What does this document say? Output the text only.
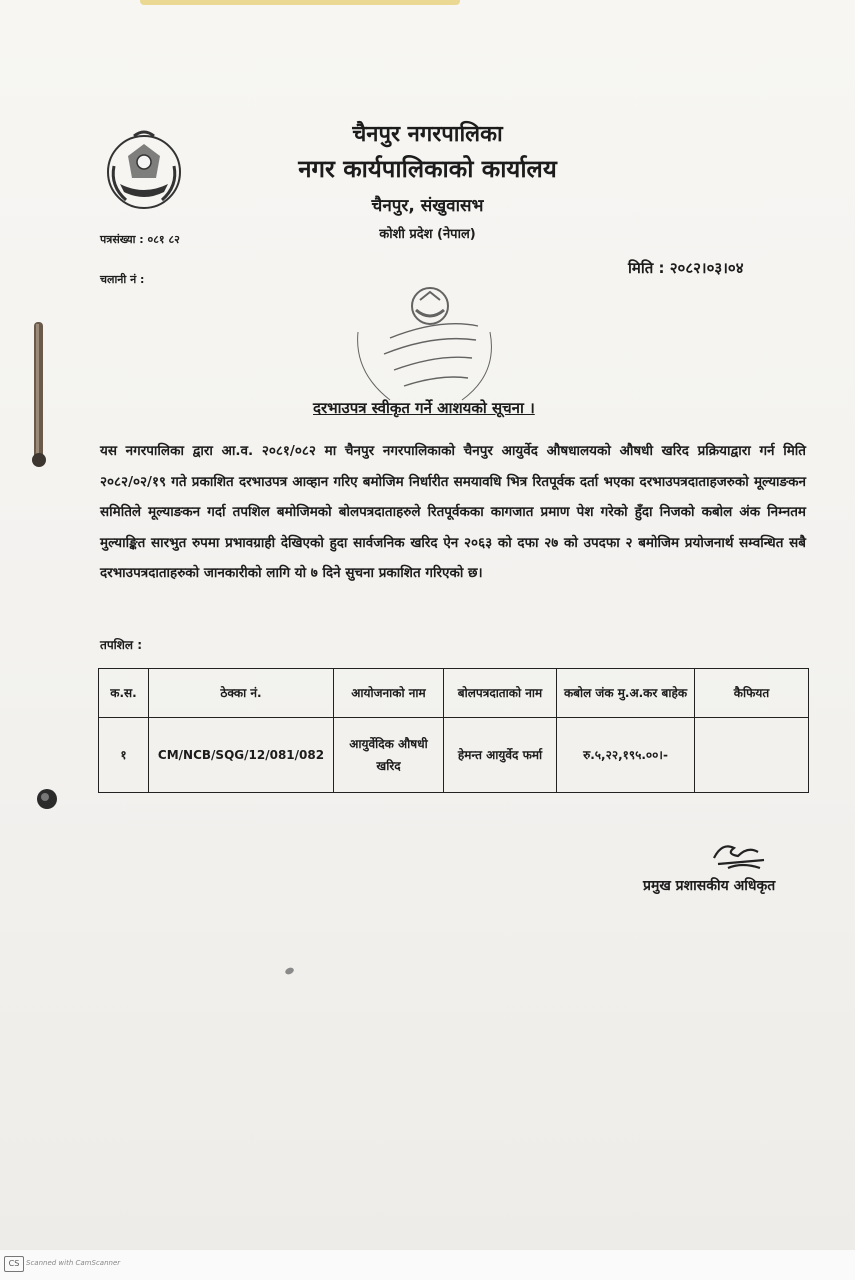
चैनपुर नगरपालिका
नगर कार्यपालिकाको कार्यालय
चैनपुर, संखुवासभ
कोशी प्रदेश (नेपाल)
पत्रसंख्या : ०८१ ८२
चलानी नं :
मिति : २०८२।०३।०४
दरभाउपत्र स्वीकृत गर्ने आशयको सूचना ।
यस नगरपालिका द्वारा आ.व. २०८१/०८२ मा चैनपुर नगरपालिकाको चैनपुर आयुर्वेद औषधालयको औषधी खरिद प्रक्रियाद्वारा गर्न मिति २०८२/०२/१९ गते प्रकाशित दरभाउपत्र आव्हान गरिए बमोजिम निर्धारीत समयावधि भित्र रितपूर्वक दर्ता भएका दरभाउपत्रदाताहजरुको मूल्याङकन समितिले मूल्याङकन गर्दा तपशिल बमोजिमको बोलपत्रदाताहरुले रितपूर्वकका कागजात प्रमाण पेश गरेको हुँदा निजको कबोल अंक निम्नतम मुल्याङ्कित सारभुत रुपमा प्रभावग्राही देखिएको हुदा सार्वजनिक खरिद ऐन २०६३ को दफा २७ को उपदफा २ बमोजिम प्रयोजनार्थ सम्वन्धित सबै दरभाउपत्रदाताहरुको जानकारीको लागि यो ७ दिने सुचना प्रकाशित गरिएको छ।
तपशिल :
क.स.	ठेक्का नं.	आयोजनाको नाम	बोलपत्रदाताको नाम	कबोल जंक मु.अ.कर बाहेक	कैफियत
१	CM/NCB/SQG/12/081/082	आयुर्वेदिक औषधी खरिद	हेमन्त आयुर्वेद फर्मा	रु.५,२२,१९५.००।-	
प्रमुख प्रशासकीय अधिकृत
CS Scanned with CamScanner
